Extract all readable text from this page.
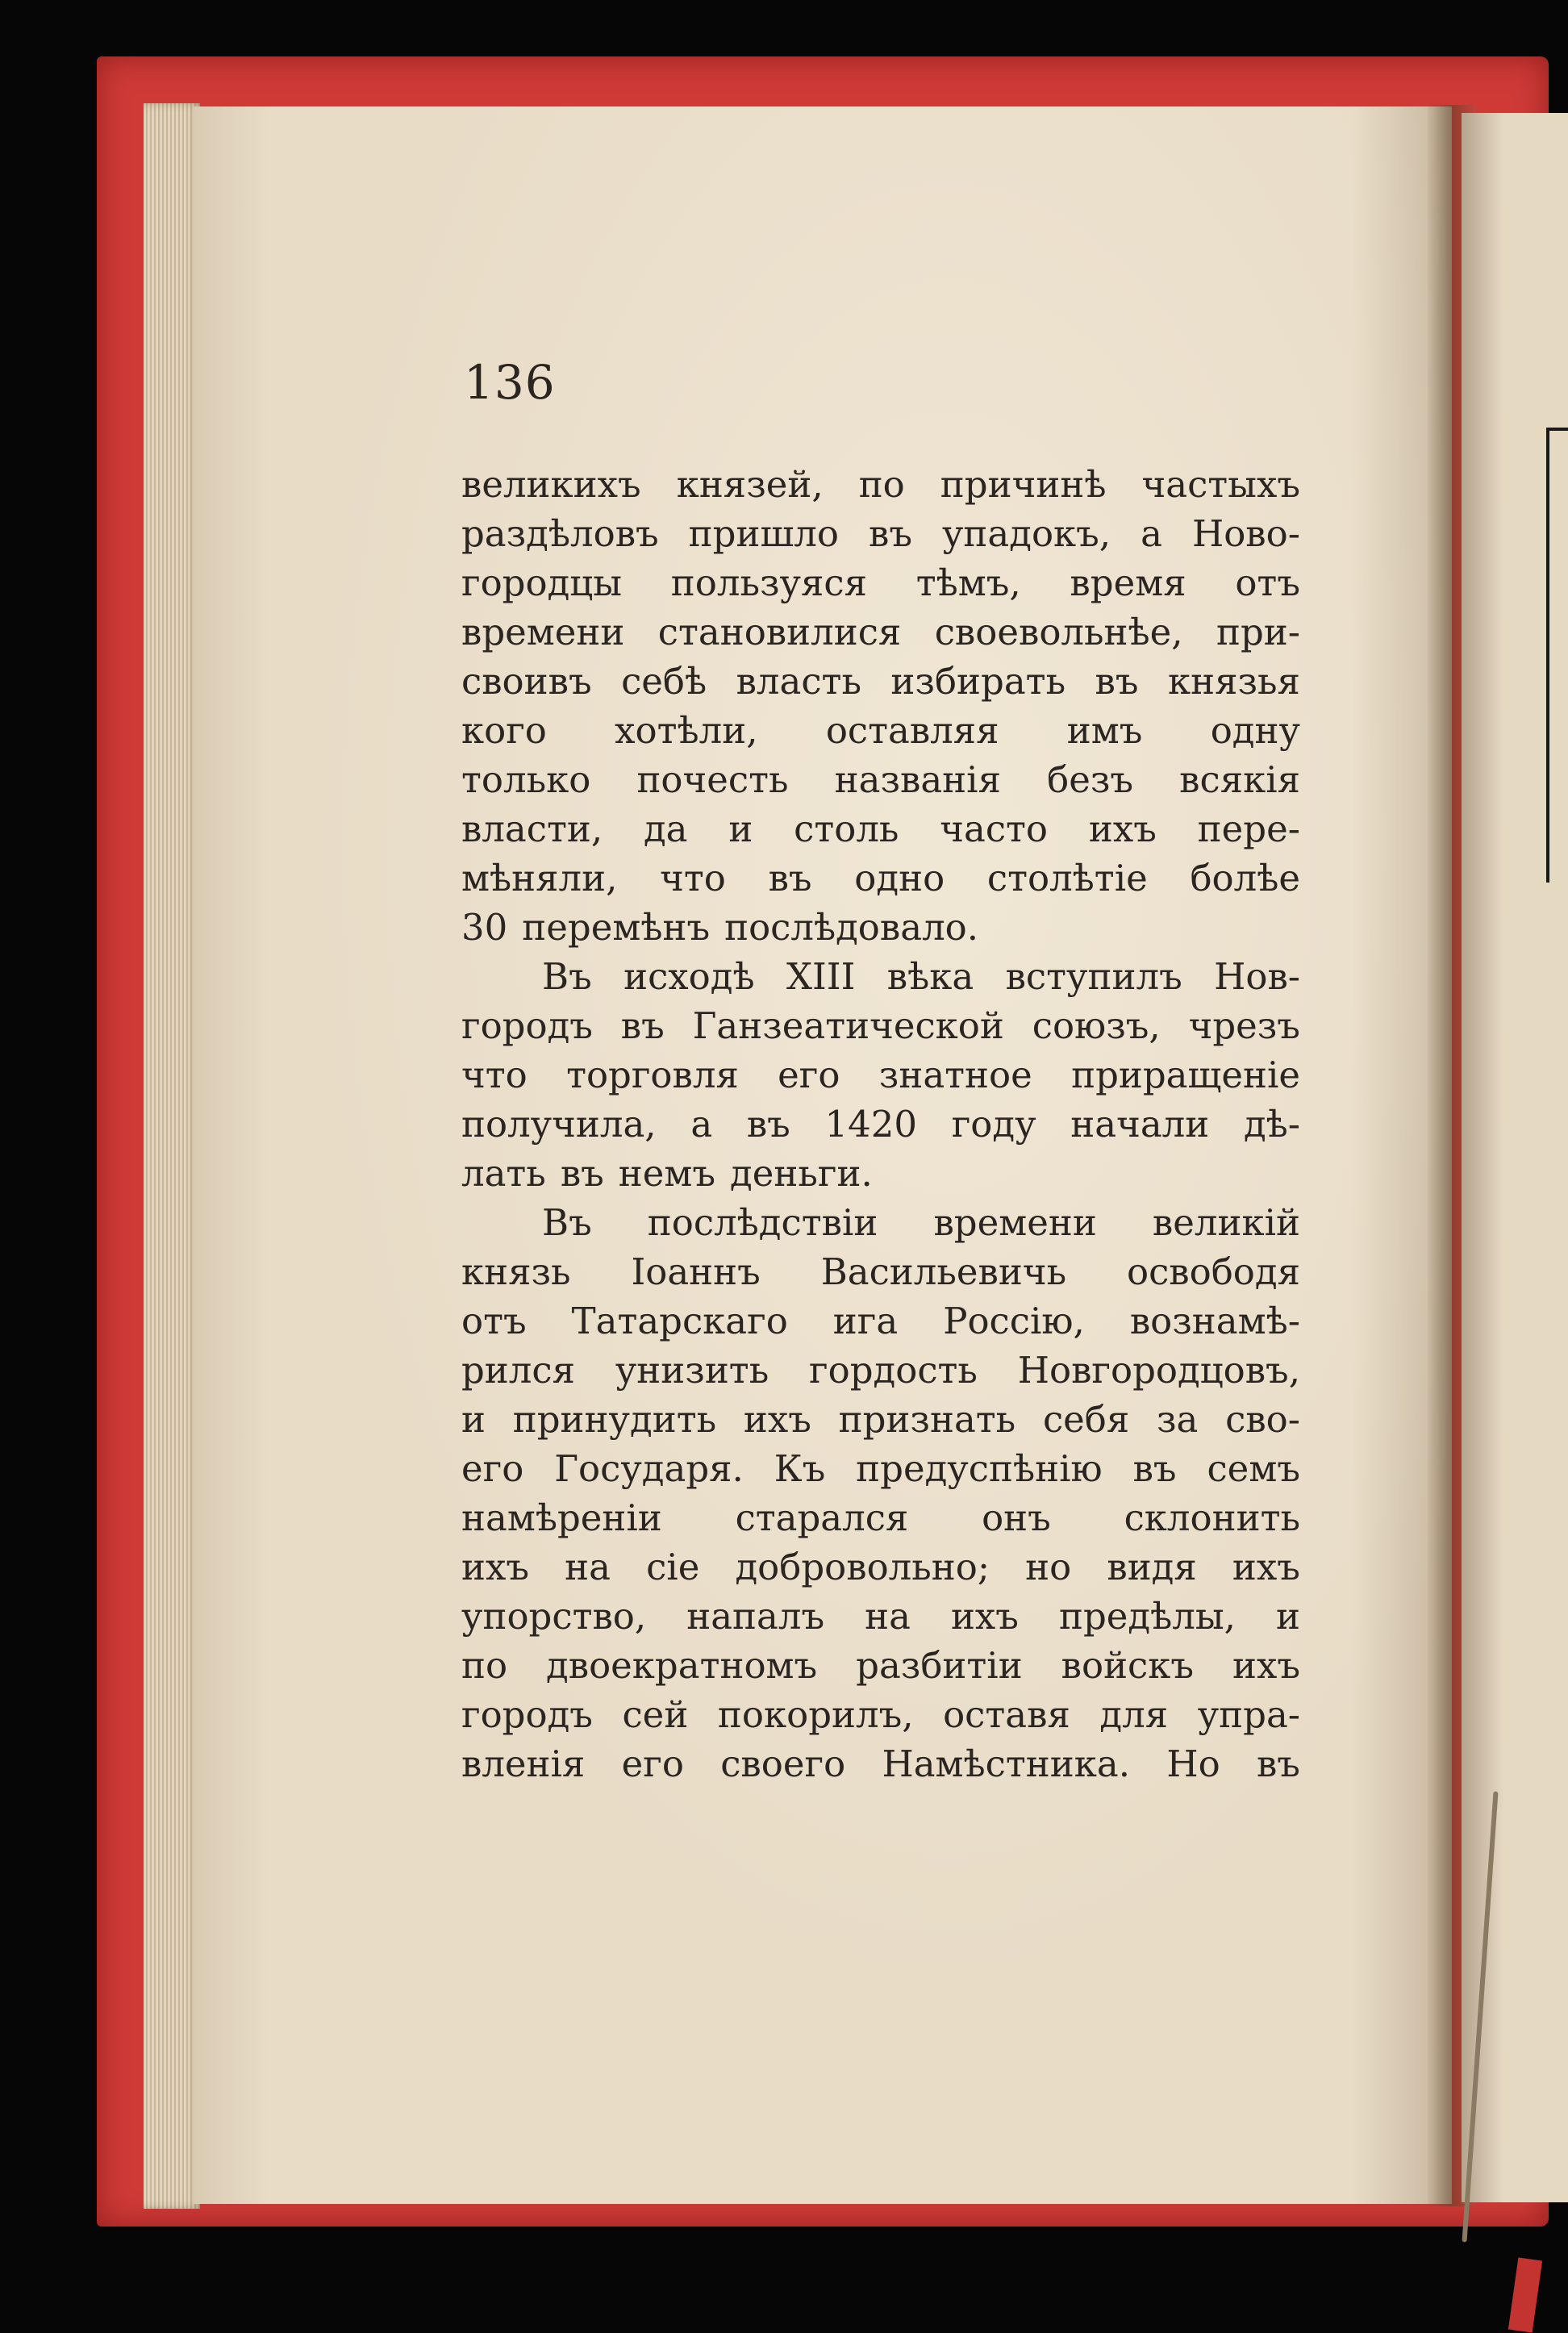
136
великихъ князей, по причинѣ частыхъ
раздѣловъ пришло въ упадокъ, а Ново-
городцы пользуяся тѣмъ, время отъ
времени становилися своевольнѣе, при-
своивъ себѣ власть избирать въ князья
кого хотѣли, оставляя имъ одну
только почесть названія безъ всякія
власти, да и столь часто ихъ пере-
мѣняли, что въ одно столѣтіе болѣе
30 перемѣнъ послѣдовало.
Въ исходѣ XIII вѣка вступилъ Нов-
городъ въ Ганзеатической союзъ, чрезъ
что торговля его знатное приращеніе
получила, а въ 1420 году начали дѣ-
лать въ немъ деньги.
Въ послѣдствіи времени великій
князь Іоаннъ Васильевичь освободя
отъ Татарскаго ига Россію, вознамѣ-
рился унизить гордость Новгородцовъ,
и принудить ихъ признать себя за сво-
его Государя. Къ предуспѣнію въ семъ
намѣреніи старался онъ склонить
ихъ на сіе добровольно; но видя ихъ
упорство, напалъ на ихъ предѣлы, и
по двоекратномъ разбитіи войскъ ихъ
городъ сей покорилъ, оставя для упра-
вленія его своего Намѣстника. Но въ
